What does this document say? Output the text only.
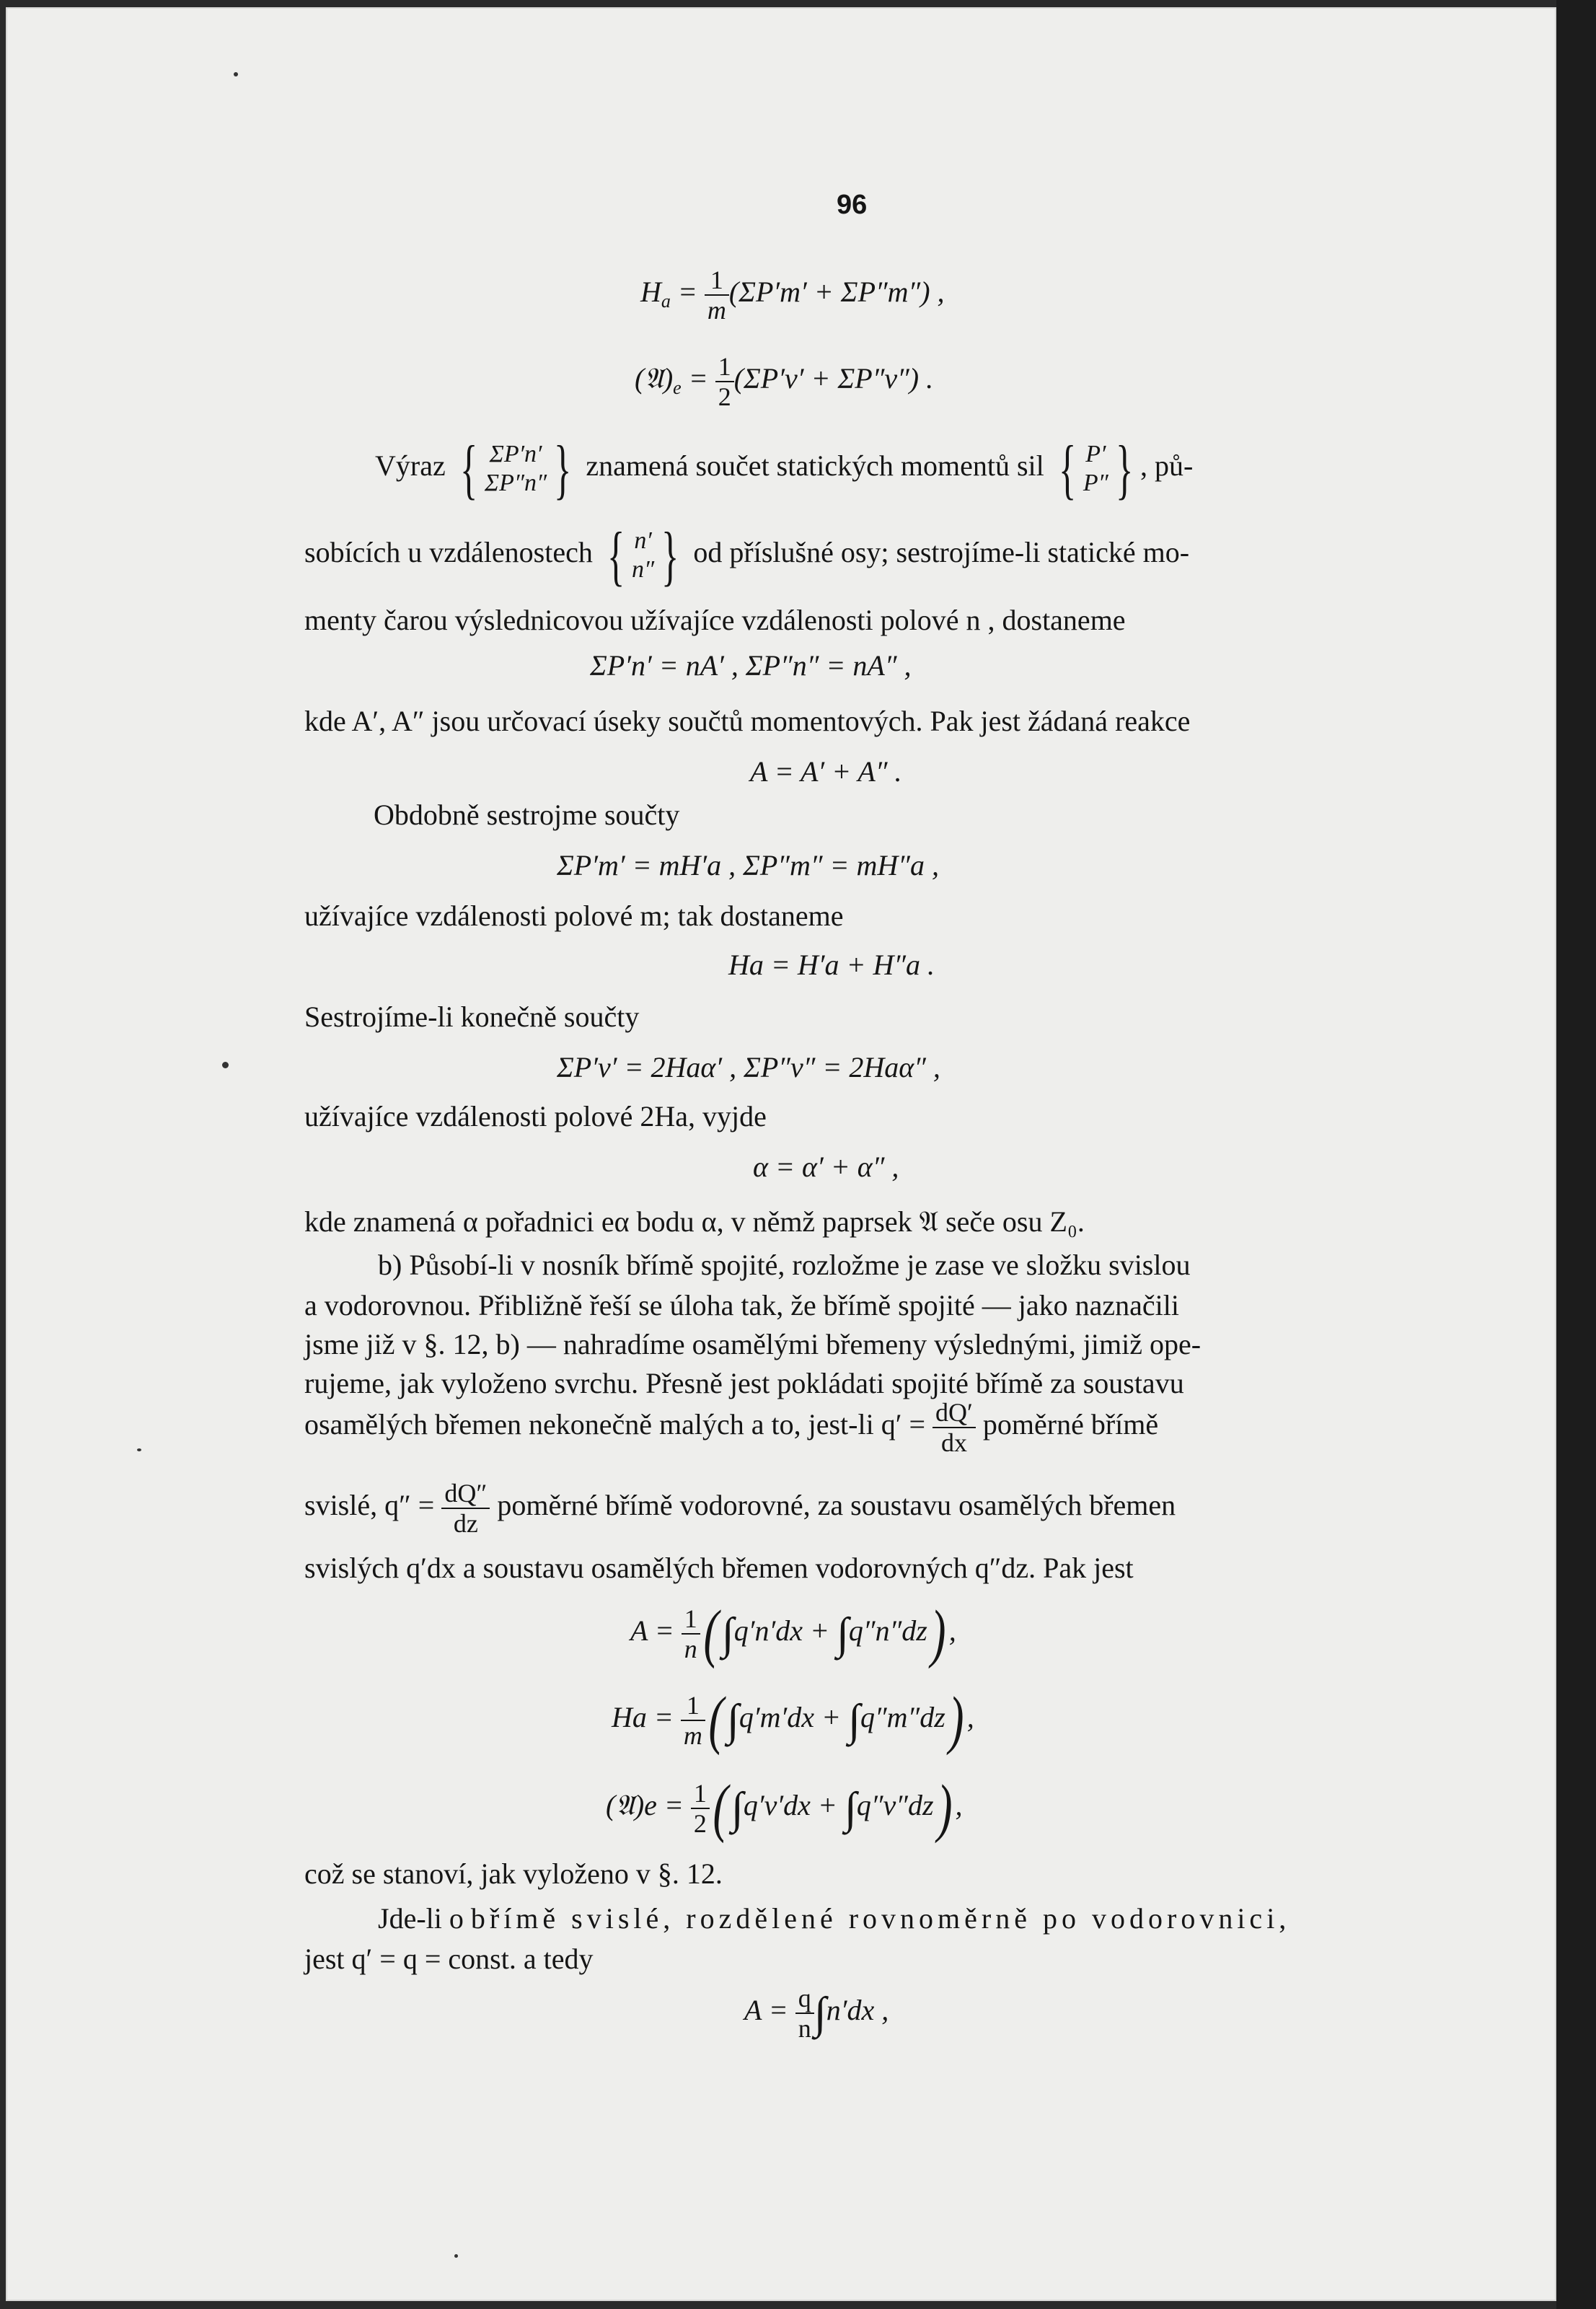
96
$H_a = \frac{1}{m} (\Sigma P'm' + \Sigma P''m'')$ ,
$(𝔄)_e = \frac{1}{2} (\Sigma P'v' + \Sigma P''v'')$ .
Výraz { ΣP′n′
ΣP″n″ } znamená součet statických momentů sil { P′
P″ } , pů-
sobících u vzdálenostech { n′
n″ } od příslušné osy; sestrojíme-li statické mo-
menty čarou výslednicovou užívajíce vzdálenosti polové n , dostaneme
ΣP′n′ = nA′ , ΣP″n″ = nA″ ,
kde A′, A″ jsou určovací úseky součtů momentových. Pak jest žádaná reakce
A = A′ + A″ .
Obdobně sestrojme součty
ΣP′m′ = mH′a , ΣP″m″ = mH″a ,
užívajíce vzdálenosti polové m; tak dostaneme
Ha = H′a + H″a .
Sestrojíme-li konečně součty
ΣP′v′ = 2Haα′ , ΣP″v″ = 2Haα″ ,
užívajíce vzdálenosti polové 2Ha, vyjde
α = α′ + α″ ,
kde znamená α pořadnici eα bodu α, v němž paprsek 𝔄 seče osu Z₀.
b) Působí-li v nosník břímě spojité, rozložme je zase ve složku svislou
a vodorovnou. Přibližně řeší se úloha tak, že břímě spojité — jako naznačili
jsme již v §. 12, b) — nahradíme osamělými břemeny výslednými, jimiž ope-
rujeme, jak vyloženo svrchu. Přesně jest pokládati spojité břímě za soustavu
osamělých břemen nekonečně malých a to, jest-li $q' = \frac{dQ'}{dx}$ poměrné břímě
svislé, $q'' = \frac{dQ''}{dz}$ poměrné břímě vodorovné, za soustavu osamělých břemen
svislých q′dx a soustavu osamělých břemen vodorovných q″dz. Pak jest
$A = \frac{1}{n} (\int q'n'dx + \int q''n''dz)$ ,
$Ha = \frac{1}{m} (\int q'm'dx + \int q''m''dz)$ ,
(𝔄)e = $\frac{1}{2} (\int q'v'dx + \int q''v''dz)$ ,
což se stanoví, jak vyloženo v §. 12.
Jde-li o břímě svislé, rozdělené rovnoměrně po vodorovnici,
jest q′ = q = const. a tedy
$A = \frac{q}{n} \int n'dx$ ,
